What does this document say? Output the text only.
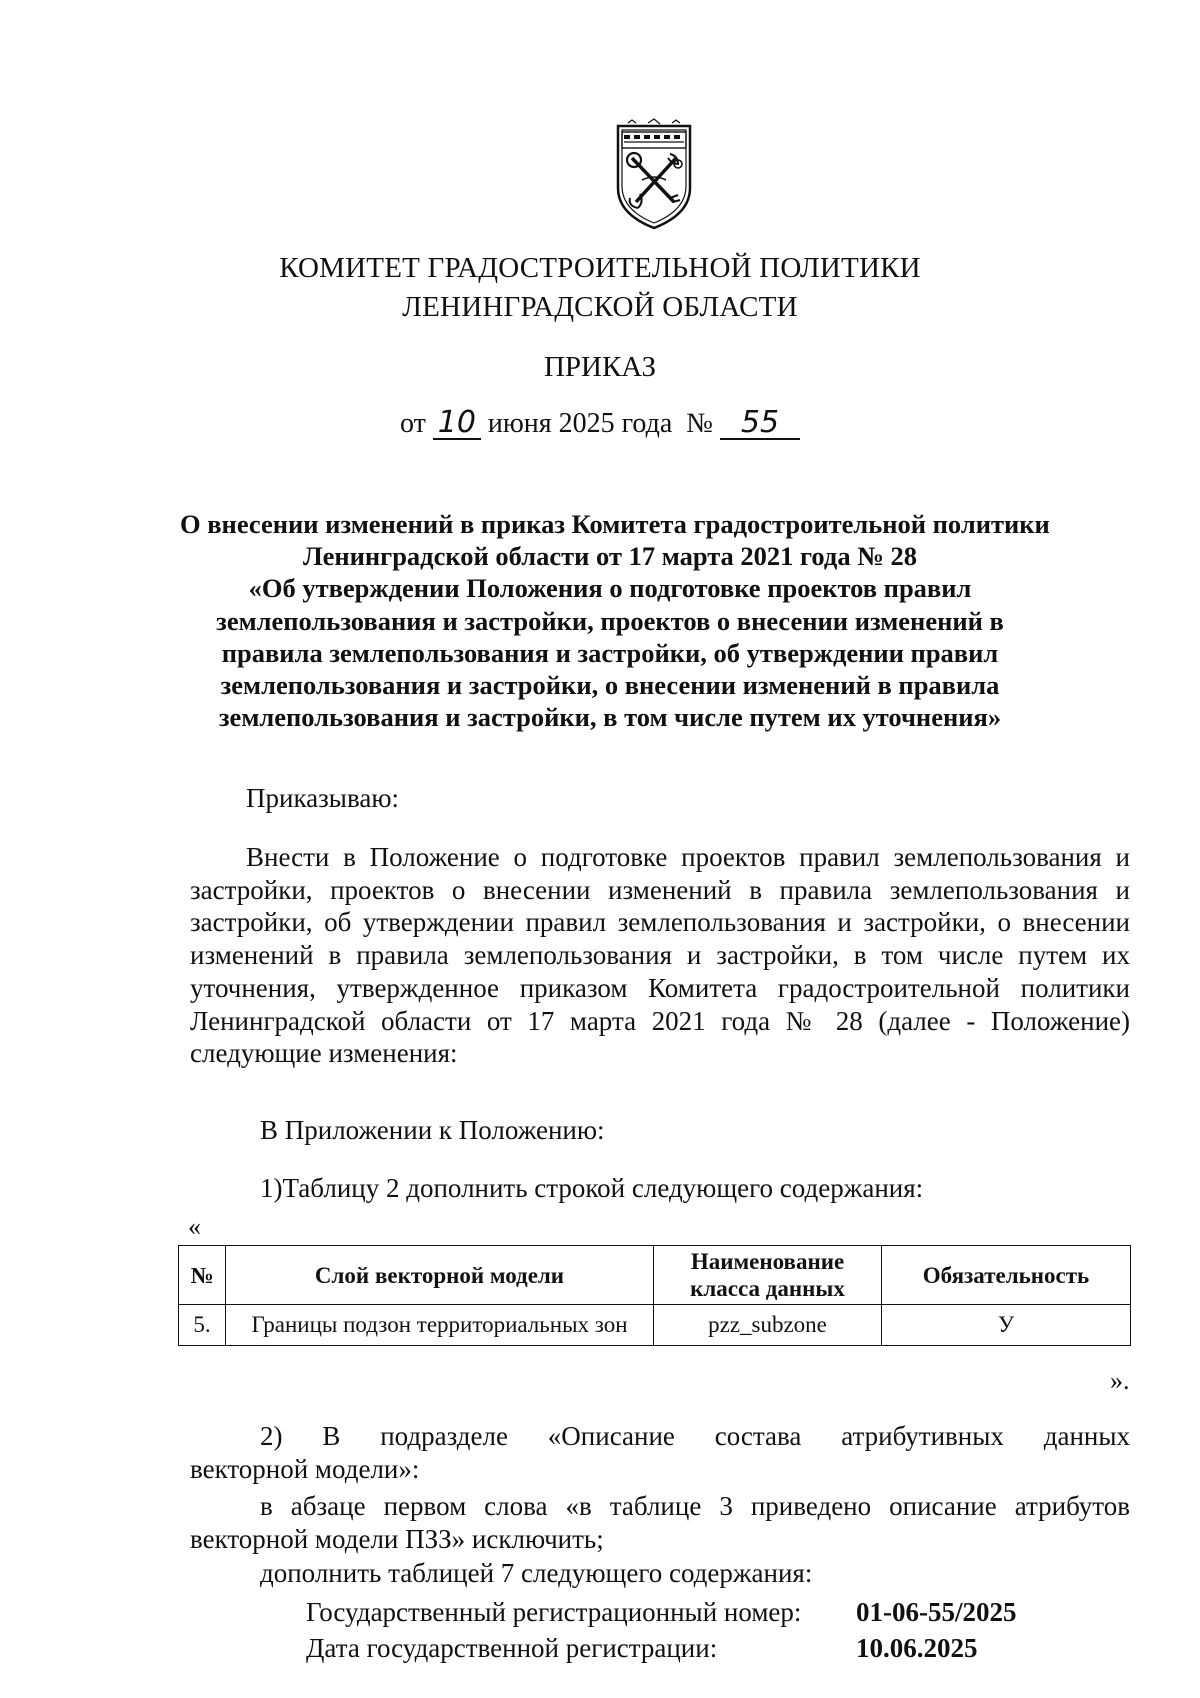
КОМИТЕТ ГРАДОСТРОИТЕЛЬНОЙ ПОЛИТИКИ
ЛЕНИНГРАДСКОЙ ОБЛАСТИ
ПРИКАЗ
от 10 июня 2025 года № 55
О внесении изменений в приказ Комитета градостроительной политики
Ленинградской области от 17 марта 2021 года № 28
«Об утверждении Положения о подготовке проектов правил
землепользования и застройки, проектов о внесении изменений в
правила землепользования и застройки, об утверждении правил
землепользования и застройки, о внесении изменений в правила
землепользования и застройки, в том числе путем их уточнения»
Приказываю:
Внести в Положение о подготовке проектов правил землепользования и
застройки, проектов о внесении изменений в правила землепользования и
застройки, об утверждении правил землепользования и застройки, о внесении
изменений в правила землепользования и застройки, в том числе путем их
уточнения, утвержденное приказом Комитета градостроительной политики
Ленинградской области от 17 марта 2021 года № 28 (далее - Положение)
следующие изменения:
В Приложении к Положению:
1)Таблицу 2 дополнить строкой следующего содержания:
«
№	Слой векторной модели	Наименование класса данных	Обязательность
5.	Границы подзон территориальных зон	pzz_subzone	У
».
2) В подразделе «Описание состава атрибутивных данных
векторной модели»:
в абзаце первом слова «в таблице 3 приведено описание атрибутов
векторной модели ПЗЗ» исключить;
дополнить таблицей 7 следующего содержания:
Государственный регистрационный номер: 01-06-55/2025
Дата государственной регистрации:	10.06.2025
